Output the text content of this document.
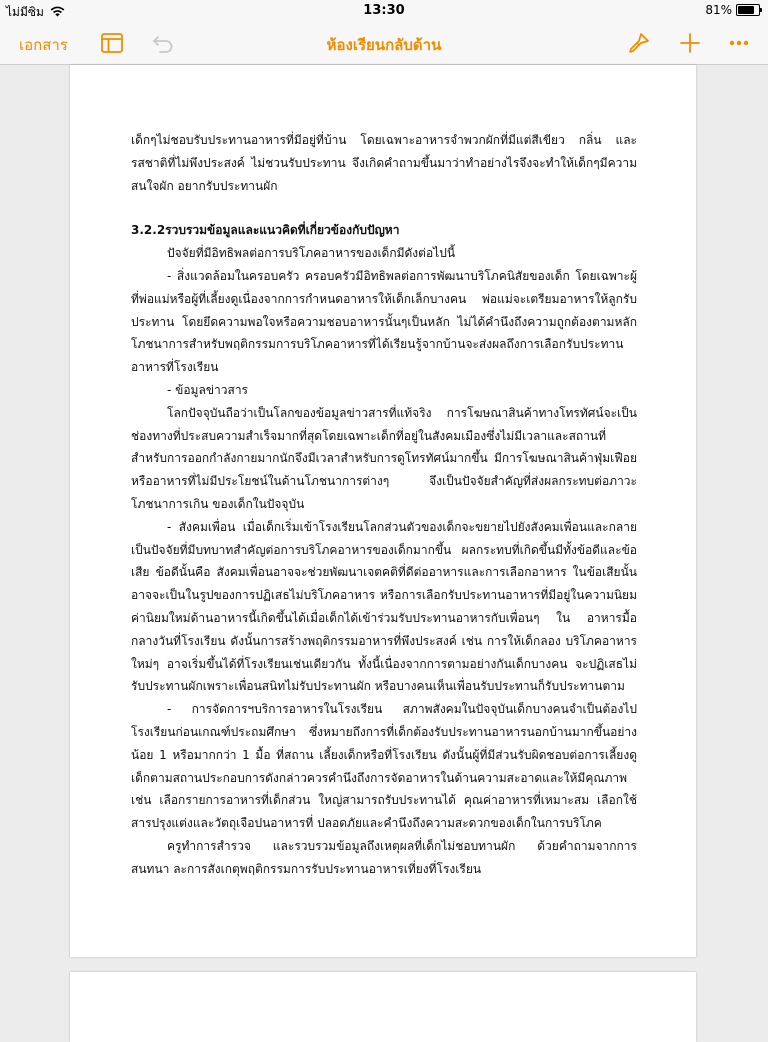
ไม่มีซิม	13:30	81%
เอกสาร	ห้องเรียนกลับด้าน

เด็กๆไม่ชอบรับประทานอาหารที่มีอยู่ที่บ้าน โดยเฉพาะอาหารจำพวกผักที่มีแต่สีเขียว กลิ่น และรสชาติที่ไม่พึงประสงค์ ไม่ชวนรับประทาน จึงเกิดคำถามขึ้นมาว่าทำอย่างไรจึงจะทำให้เด็กๆมีความสนใจผัก อยากรับประทานผัก

3.2.2รวบรวมข้อมูลและแนวคิดที่เกี่ยวข้องกับปัญหา

ปัจจัยที่มีอิทธิพลต่อการบริโภคอาหารของเด็กมีดังต่อไปนี้

- สิ่งแวดล้อมในครอบครัว ครอบครัวมีอิทธิพลต่อการพัฒนาบริโภคนิสัยของเด็ก โดยเฉพาะผู้ที่พ่อแม่หรือผู้ที่เลี้ยงดูเนื่องจากการกำหนดอาหารให้เด็กเล็กบางคน พ่อแม่จะเตรียมอาหารให้ลูกรับประทาน โดยยึดความพอใจหรือความชอบอาหารนั้นๆเป็นหลัก ไม่ได้คำนึงถึงความถูกต้องตามหลักโภชนาการสำหรับพฤติกรรมการบริโภคอาหารที่ได้เรียนรู้จากบ้านจะส่งผลถึงการเลือกรับประทานอาหารที่โรงเรียน

- ข้อมูลข่าวสาร

โลกปัจจุบันถือว่าเป็นโลกของข้อมูลข่าวสารที่แท้จริง การโฆษณาสินค้าทางโทรทัศน์จะเป็นช่องทางที่ประสบความสำเร็จมากที่สุดโดยเฉพาะเด็กที่อยู่ในสังคมเมืองซึ่งไม่มีเวลาและสถานที่ สำหรับการออกกำลังกายมากนักจึงมีเวลาสำหรับการดูโทรทัศน์มากขึ้น มีการโฆษณาสินค้าฟุ่มเฟือย หรืออาหารที่ไม่มีประโยชน์ในด้านโภชนาการต่างๆ จึงเป็นปัจจัยสำคัญที่ส่งผลกระทบต่อภาวะโภชนาการเกิน ของเด็กในปัจจุบัน

- สังคมเพื่อน เมื่อเด็กเริ่มเข้าโรงเรียนโลกส่วนตัวของเด็กจะขยายไปยังสังคมเพื่อนและกลายเป็นปัจจัยที่มีบทบาทสำคัญต่อการบริโภคอาหารของเด็กมากขึ้น ผลกระทบที่เกิดขึ้นมีทั้งข้อดีและข้อเสีย ข้อดีนั้นคือ สังคมเพื่อนอาจจะช่วยพัฒนาเจตคติที่ดีต่ออาหารและการเลือกอาหาร ในข้อเสียนั้น อาจจะเป็นในรูปของการปฏิเสธไม่บริโภคอาหาร หรือการเลือกรับประทานอาหารที่มีอยู่ในความนิยมค่านิยมใหม่ด้านอาหารนี้เกิดขึ้นได้เมื่อเด็กได้เข้าร่วมรับประทานอาหารกับเพื่อนๆ ใน อาหารมื้อกลางวันที่โรงเรียน ดังนั้นการสร้างพฤติกรรมอาหารที่พึงประสงค์ เช่น การให้เด็กลอง บริโภคอาหารใหม่ๆ อาจเริ่มขึ้นได้ที่โรงเรียนเช่นเดียวกัน ทั้งนี้เนื่องจากการตามอย่างกันเด็กบางคน จะปฏิเสธไม่รับประทานผักเพราะเพื่อนสนิทไม่รับประทานผัก หรือบางคนเห็นเพื่อนรับประทานก็รับประทานตาม

- การจัดการฯบริการอาหารในโรงเรียน สภาพสังคมในปัจจุบันเด็กบางคนจำเป็นต้องไปโรงเรียนก่อนเกณฑ์ประถมศึกษา ซึ่งหมายถึงการที่เด็กต้องรับประทานอาหารนอกบ้านมากขึ้นอย่างน้อย 1 หรือมากกว่า 1 มื้อ ที่สถาน เลี้ยงเด็กหรือที่โรงเรียน ดังนั้นผู้ที่มีส่วนรับผิดชอบต่อการเลี้ยงดูเด็กตามสถานประกอบการดังกล่าวควรคำนึงถึงการจัดอาหารในด้านความสะอาดและให้มีคุณภาพ เช่น เลือกรายการอาหารที่เด็กส่วน ใหญ่สามารถรับประทานได้ คุณค่าอาหารที่เหมาะสม เลือกใช้สารปรุงแต่งและวัตถุเจือปนอาหารที่ ปลอดภัยและคำนึงถึงความสะดวกของเด็กในการบริโภค

ครูทำการสำรวจ และรวบรวมข้อมูลถึงเหตุผลที่เด็กไม่ชอบทานผัก ด้วยคำถามจากการสนทนา ละการสังเกตุพฤติกรรมการรับประทานอาหารเที่ยงที่โรงเรียน
